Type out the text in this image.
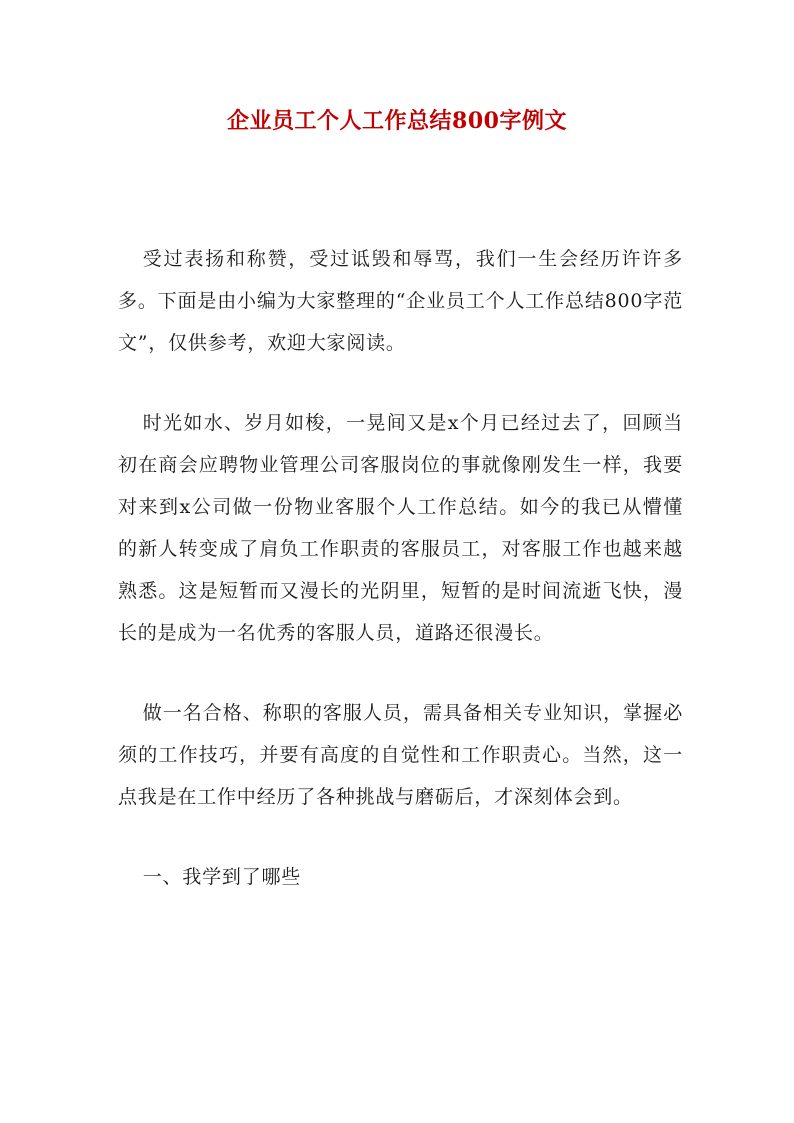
企业员工个人工作总结800字例文

受过表扬和称赞，受过诋毁和辱骂，我们一生会经历许许多多。下面是由小编为大家整理的“企业员工个人工作总结800字范文”，仅供参考，欢迎大家阅读。

时光如水、岁月如梭，一晃间又是x个月已经过去了，回顾当初在商会应聘物业管理公司客服岗位的事就像刚发生一样，我要对来到x公司做一份物业客服个人工作总结。如今的我已从懵懂的新人转变成了肩负工作职责的客服员工，对客服工作也越来越熟悉。这是短暂而又漫长的光阴里，短暂的是时间流逝飞快，漫长的是成为一名优秀的客服人员，道路还很漫长。

做一名合格、称职的客服人员，需具备相关专业知识，掌握必须的工作技巧，并要有高度的自觉性和工作职责心。当然，这一点我是在工作中经历了各种挑战与磨砺后，才深刻体会到。

一、我学到了哪些
